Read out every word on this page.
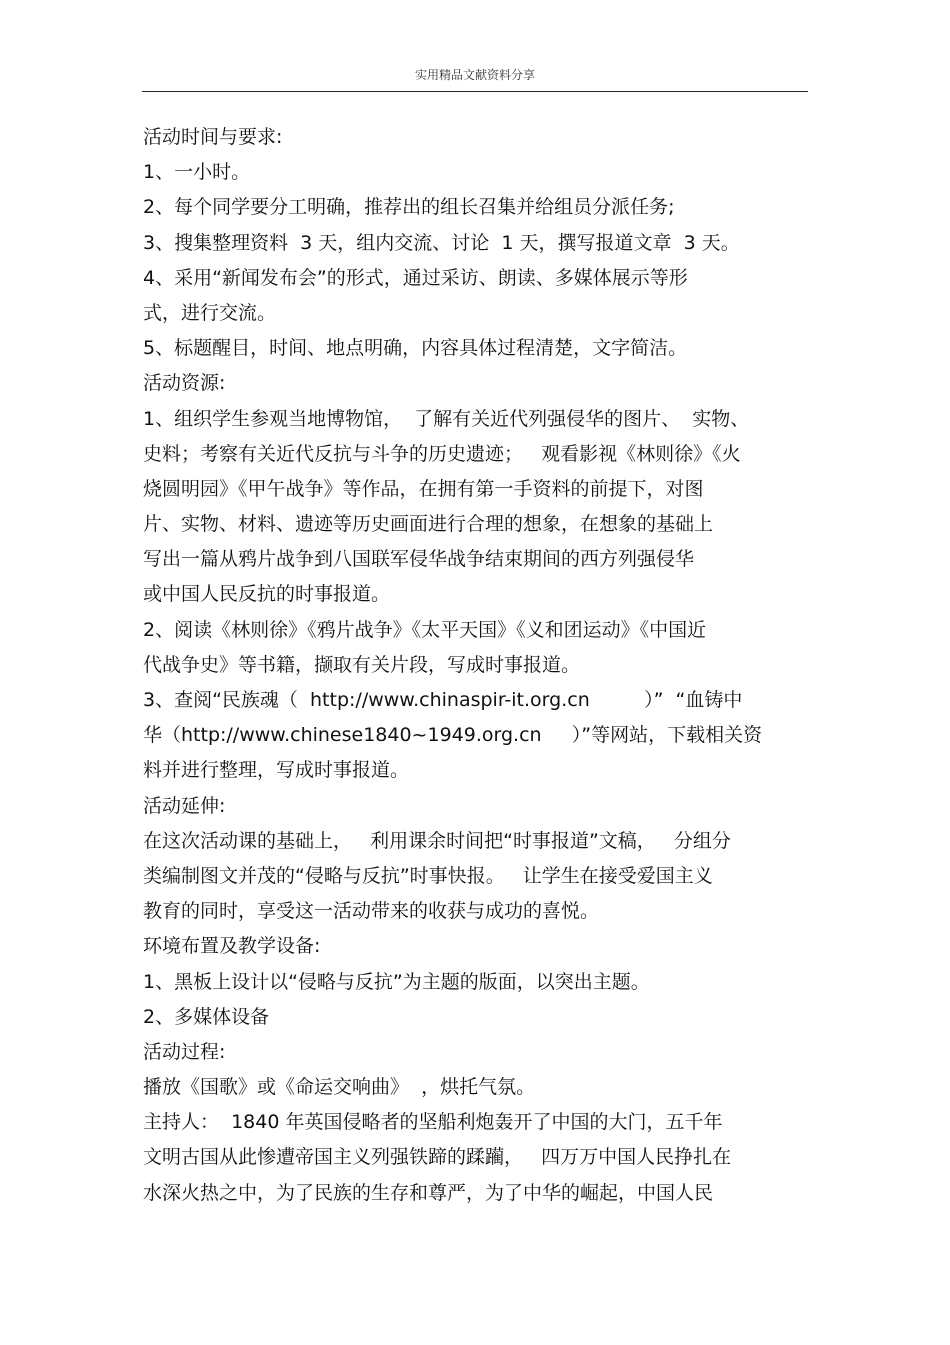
实用精品文献资料分享
活动时间与要求:
1、一小时。
2、每个同学要分工明确，推荐出的组长召集并给组员分派任务;
3、搜集整理资料  3 天，组内交流、讨论  1 天，撰写报道文章  3 天。
4、采用“新闻发布会”的形式，通过采访、朗读、多媒体展示等形
式，进行交流。
5、标题醒目，时间、地点明确，内容具体过程清楚，文字简洁。
活动资源:
1、组织学生参观当地博物馆，  了解有关近代列强侵华的图片、  实物、
史料；考察有关近代反抗与斗争的历史遗迹；   观看影视《林则徐》《火
烧圆明园》《甲午战争》等作品，在拥有第一手资料的前提下，对图
片、实物、材料、遗迹等历史画面进行合理的想象，在想象的基础上
写出一篇从鸦片战争到八国联军侵华战争结束期间的西方列强侵华
或中国人民反抗的时事报道。
2、阅读《林则徐》《鸦片战争》《太平天国》《义和团运动》《中国近
代战争史》等书籍，撷取有关片段，写成时事报道。
3、查阅“民族魂（  http://www.chinaspir-it.org.cn         ）”  “血铸中
华（http://www.chinese1840~1949.org.cn     ）”等网站，下载相关资
料并进行整理，写成时事报道。
活动延伸:
在这次活动课的基础上，   利用课余时间把“时事报道”文稿，   分组分
类编制图文并茂的“侵略与反抗”时事快报。   让学生在接受爱国主义
教育的同时，享受这一活动带来的收获与成功的喜悦。
环境布置及教学设备:
1、黑板上设计以“侵略与反抗”为主题的版面，以突出主题。
2、多媒体设备
活动过程:
播放《国歌》或《命运交响曲》  ，烘托气氛。
主持人：  1840 年英国侵略者的坚船利炮轰开了中国的大门，五千年
文明古国从此惨遭帝国主义列强铁蹄的蹂躏，   四万万中国人民挣扎在
水深火热之中，为了民族的生存和尊严，为了中华的崛起，中国人民
